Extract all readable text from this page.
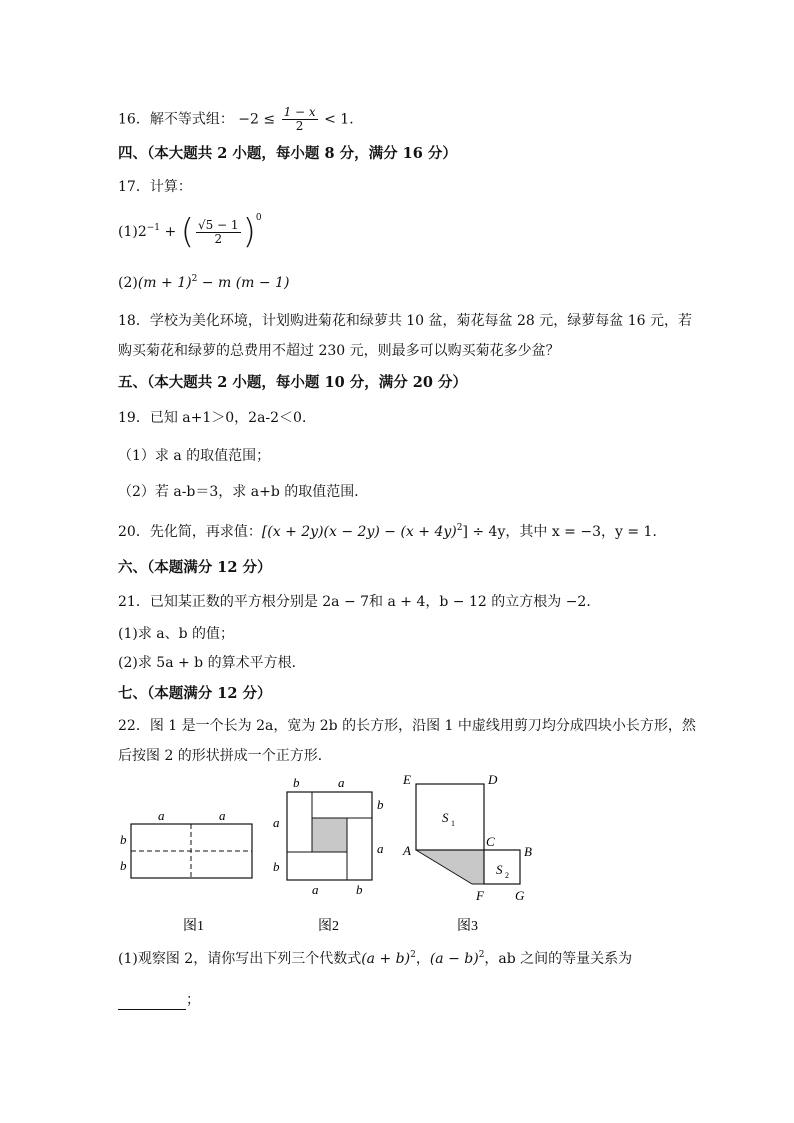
16．解不等式组： $-2 \le \frac{1 - x}{2} < 1$．
四、（本大题共 2 小题，每小题 8 分，满分 16 分）
17．计算：
$(1)2^{-1}$ + ( $\frac{√5 - 1}{2} )^0$
$(2)(m + 1)^2 - m$ (m − 1)
18．学校为美化环境，计划购进菊花和绿萝共 10 盆，菊花每盆 28 元，绿萝每盆 16 元，若
购买菊花和绿萝的总费用不超过 230 元，则最多可以购买菊花多少盆？
五、（本大题共 2 小题，每小题 10 分，满分 20 分）
19．已知 a+1＞0，2a-2＜0．
（1）求 a 的取值范围；
（2）若 a-b＝3，求 a+b 的取值范围．
20．先化简，再求值：$[(x + 2y)(x - 2y) - (x + 4y)^2] \div 4y$，其中 x = −3，y = 1．
六、（本题满分 12 分）
21．已知某正数的平方根分别是 2a − 7和 a + 4，b − 12 的立方根为 −2．
(1)求 a、b 的值；
(2)求 5a + b 的算术平方根．
七、（本题满分 12 分）
22．图 1 是一个长为 2a，宽为 2b 的长方形，沿图 1 中虚线用剪刀均分成四块小长方形，然
后按图 2 的形状拼成一个正方形．
a	a
b
b
图1
b	a
a
b
b
a
a	b
图2
E	D
A
C
B
F G
S 1
S 2
图3
(1)观察图 2，请你写出下列三个代数式$(a + b)^2$，$(a - b)^2$，ab 之间的等量关系为
；
